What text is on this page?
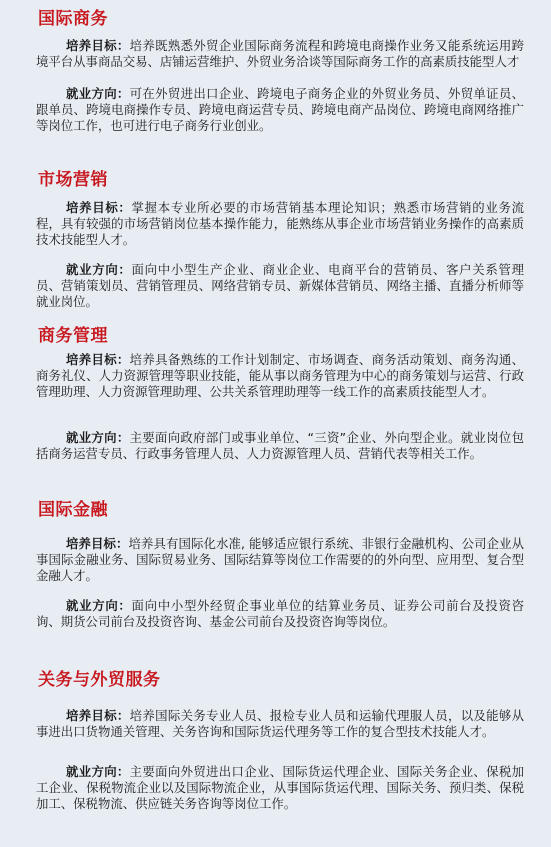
国际商务
培养目标：培养既熟悉外贸企业国际商务流程和跨境电商操作业务又能系统运用跨境平台从事商品交易、店铺运营维护、外贸业务洽谈等国际商务工作的高素质技能型人才
就业方向：可在外贸进出口企业、跨境电子商务企业的外贸业务员、外贸单证员、跟单员、跨境电商操作专员、跨境电商运营专员、跨境电商产品岗位、跨境电商网络推广等岗位工作，也可进行电子商务行业创业。
市场营销
培养目标：掌握本专业所必要的市场营销基本理论知识；熟悉市场营销的业务流程，具有较强的市场营销岗位基本操作能力，能熟练从事企业市场营销业务操作的高素质技术技能型人才。
就业方向：面向中小型生产企业、商业企业、电商平台的营销员、客户关系管理员、营销策划员、营销管理员、网络营销专员、新媒体营销员、网络主播、直播分析师等就业岗位。
商务管理
培养目标：培养具备熟练的工作计划制定、市场调查、商务活动策划、商务沟通、商务礼仪、人力资源管理等职业技能，能从事以商务管理为中心的商务策划与运营、行政管理助理、人力资源管理助理、公共关系管理助理等一线工作的高素质技能型人才。
就业方向：主要面向政府部门或事业单位、“三资”企业、外向型企业。就业岗位包括商务运营专员、行政事务管理人员、人力资源管理人员、营销代表等相关工作。
国际金融
培养目标：培养具有国际化水准, 能够适应银行系统、非银行金融机构、公司企业从事国际金融业务、国际贸易业务、国际结算等岗位工作需要的的外向型、应用型、复合型金融人才。
就业方向：面向中小型外经贸企事业单位的结算业务员、证券公司前台及投资咨询、期货公司前台及投资咨询、基金公司前台及投资咨询等岗位。
关务与外贸服务
培养目标：培养国际关务专业人员、报检专业人员和运输代理服人员，以及能够从事进出口货物通关管理、关务咨询和国际货运代理务等工作的复合型技术技能人才。
就业方向：主要面向外贸进出口企业、国际货运代理企业、国际关务企业、保税加工企业、保税物流企业以及国际物流企业，从事国际货运代理、国际关务、预归类、保税加工、保税物流、供应链关务咨询等岗位工作。
